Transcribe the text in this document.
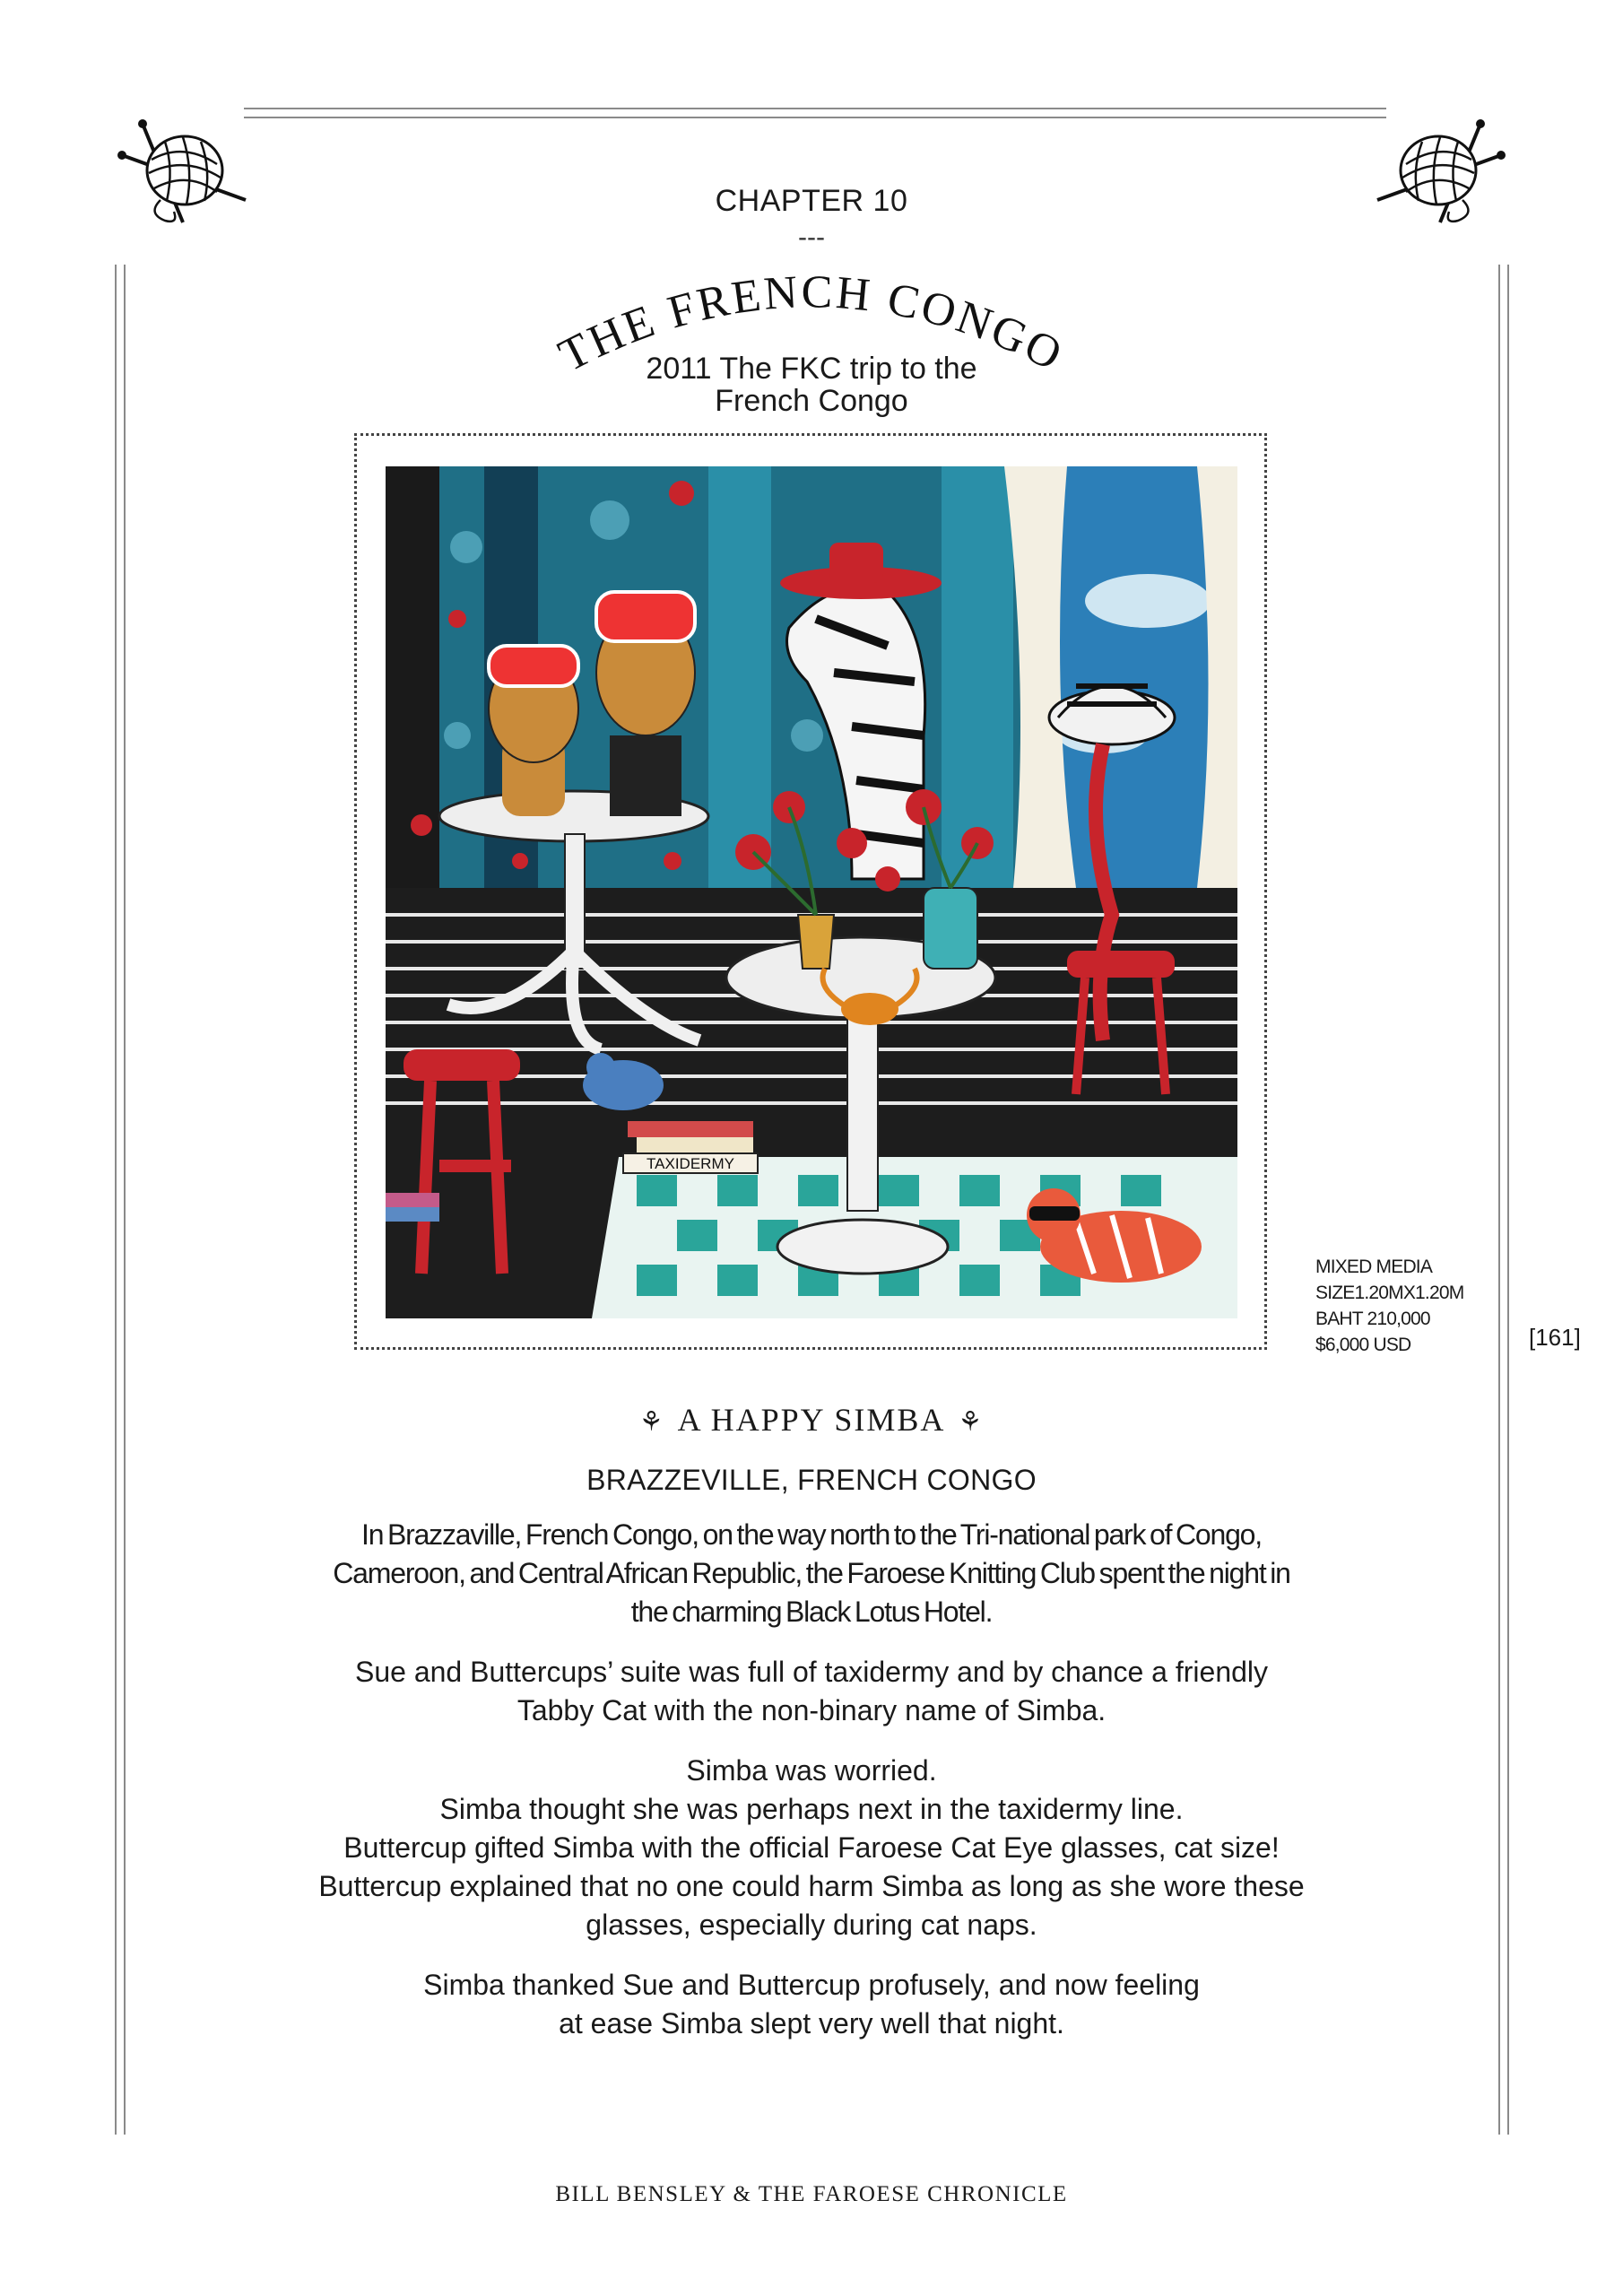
CHAPTER 10
---
THE FRENCH CONGO
2011 The FKC trip to the
French Congo
TAXIDERMY
MIXED MEDIA
SIZE1.20MX1.20M
BAHT 210,000
$6,000 USD	[161]
⚘ A HAPPY SIMBA ⚘
BRAZZEVILLE, FRENCH CONGO

In Brazzaville, French Congo, on the way north to the Tri-national park of Congo,
Cameroon, and Central African Republic, the Faroese Knitting Club spent the night in
the charming Black Lotus Hotel.

Sue and Buttercups’ suite was full of taxidermy and by chance a friendly
Tabby Cat with the non-binary name of Simba.

Simba was worried.
Simba thought she was perhaps next in the taxidermy line.
Buttercup gifted Simba with the official Faroese Cat Eye glasses, cat size!
Buttercup explained that no one could harm Simba as long as she wore these
glasses, especially during cat naps.

Simba thanked Sue and Buttercup profusely, and now feeling
at ease Simba slept very well that night.

BILL BENSLEY & THE FAROESE CHRONICLE
